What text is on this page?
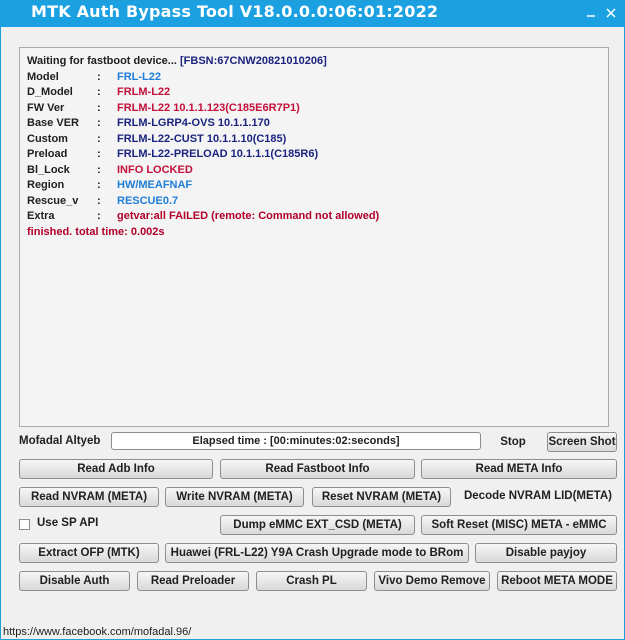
MTK Auth Bypass Tool V18.0.0.0:06:01:2022
Waiting for fastboot device... [FBSN:67CNW20821010206]
Model	: FRL-L22
D_Model : FRLM-L22
FW Ver	: FRLM-L22 10.1.1.123(C185E6R7P1)
Base VER : FRLM-LGRP4-OVS 10.1.1.170
Custom	: FRLM-L22-CUST 10.1.1.10(C185)
Preload	: FRLM-L22-PRELOAD 10.1.1.1(C185R6)
Bl_Lock : INFO LOCKED
Region	: HW/MEAFNAF
Rescue_v : RESCUE0.7
Extra	: getvar:all FAILED (remote: Command not allowed)
finished. total time: 0.002s
Mofadal Altyeb	Elapsed time : [00:minutes:02:seconds]	Stop	Screen Shot
Read Adb Info	Read Fastboot Info	Read META Info
Read NVRAM (META)	Write NVRAM (META)	Reset NVRAM (META)	Decode NVRAM LID(META)
Use SP API	Dump eMMC EXT_CSD (META)	Soft Reset (MISC) META - eMMC
Extract OFP (MTK)	Huawei (FRL-L22) Y9A Crash Upgrade mode to BRom	Disable payjoy
Disable Auth	Read Preloader	Crash PL	Vivo Demo Remove	Reboot META MODE
https://www.facebook.com/mofadal.96/
